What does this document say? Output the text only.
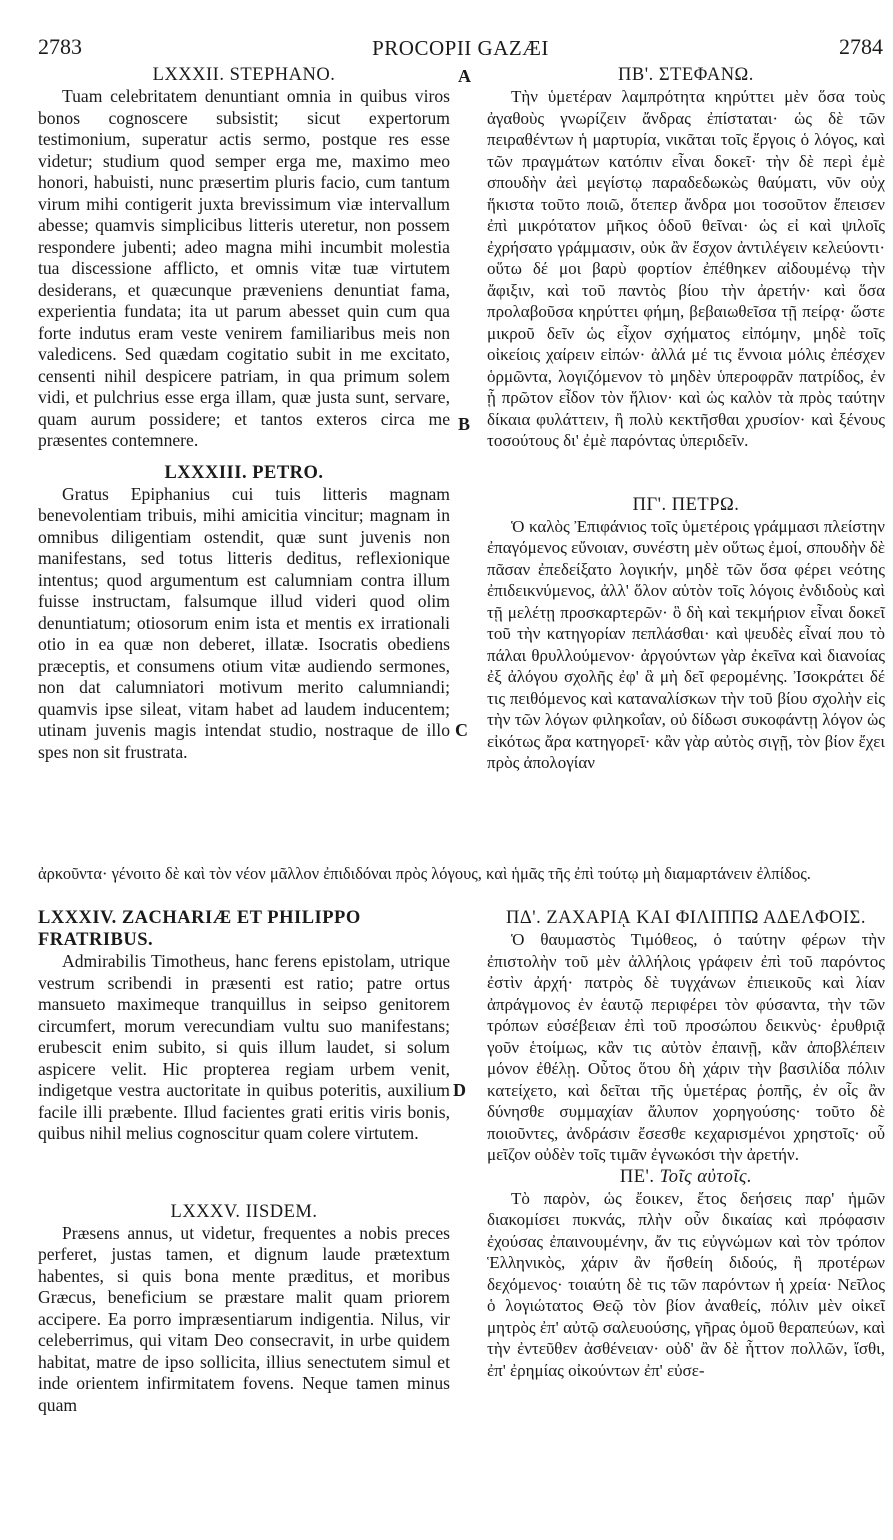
2783	PROCOPII GAZÆI	2784
A
B
C
D
LXXXII. STEPHANO.

Tuam celebritatem denuntiant omnia in quibus viros bonos cognoscere subsistit; sicut expertorum testimonium, superatur actis sermo, postque res esse videtur; studium quod semper erga me, maximo meo honori, habuisti, nunc præsertim pluris facio, cum tantum virum mihi contigerit juxta brevissimum viæ intervallum abesse; quamvis simplicibus litteris uteretur, non possem respondere jubenti; adeo magna mihi incumbit molestia tua discessione afflicto, et omnis vitæ tuæ virtutem desiderans, et quæcunque præveniens denuntiat fama, experientia fundata; ita ut parum abesset quin cum qua forte indutus eram veste venirem familiaribus meis non valedicens. Sed quædam cogitatio subit in me excitato, censenti nihil despicere patriam, in qua primum solem vidi, et pulchrius esse erga illam, quæ justa sunt, servare, quam aurum possidere; et tantos exteros circa me præsentes contemnere.

LXXXIII. PETRO.

Gratus Epiphanius cui tuis litteris magnam benevolentiam tribuis, mihi amicitia vincitur; magnam in omnibus diligentiam ostendit, quæ sunt juvenis non manifestans, sed totus litteris deditus, reflexionique intentus; quod argumentum est calumniam contra illum fuisse instructam, falsumque illud videri quod olim denuntiatum; otiosorum enim ista et mentis ex irrationali otio in ea quæ non deberet, illatæ. Isocratis obediens præceptis, et consumens otium vitæ audiendo sermones, non dat calumniatori motivum merito calumniandi; quamvis ipse sileat, vitam habet ad laudem inducentem; utinam juvenis magis intendat studio, nostraque de illo spes non sit frustrata.

ἀρκοῦντα· γένοιτο δὲ καὶ τὸν νέον μᾶλλον ἐπιδιδόναι πρὸς λόγους, καὶ ἡμᾶς τῆς ἐπὶ τούτῳ μὴ διαμαρτάνειν ἐλπίδος.
LXXXIV. ZACHARIÆ ET PHILIPPO FRATRIBUS.

Admirabilis Timotheus, hanc ferens epistolam, utrique vestrum scribendi in præsenti est ratio; patre ortus mansueto maximeque tranquillus in seipso genitorem circumfert, morum verecundiam vultu suo manifestans; erubescit enim subito, si quis illum laudet, si solum aspicere velit. Hic propterea regiam urbem venit, indigetque vestra auctoritate in quibus poteritis, auxilium facile illi præbente. Illud facientes grati eritis viris bonis, quibus nihil melius cognoscitur quam colere virtutem.

LXXXV. IISDEM.

Præsens annus, ut videtur, frequentes a nobis preces perferet, justas tamen, et dignum laude prætextum habentes, si quis bona mente præditus, et moribus Græcus, beneficium se præstare malit quam priorem accipere. Ea porro impræsentiarum indigentia. Nilus, vir celeberrimus, qui vitam Deo consecravit, in urbe quidem habitat, matre de ipso sollicita, illius senectutem simul et inde orientem infirmitatem fovens. Neque tamen minus quam

ΠΒ'. ΣΤΕΦΑΝΩ.

Τὴν ὑμετέραν λαμπρότητα κηρύττει μὲν ὅσα τοὺς ἀγαθοὺς γνωρίζειν ἄνδρας ἐπίσταται· ὡς δὲ τῶν πειραθέντων ἡ μαρτυρία, νικᾶται τοῖς ἔργοις ὁ λόγος, καὶ τῶν πραγμάτων κατόπιν εἶναι δοκεῖ· τὴν δὲ περὶ ἐμὲ σπουδὴν ἀεὶ μεγίστῳ παραδεδωκὼς θαύματι, νῦν οὐχ ἥκιστα τοῦτο ποιῶ, ὅτεπερ ἄνδρα μοι τοσοῦτον ἔπεισεν ἐπὶ μικρότατον μῆκος ὁδοῦ θεῖναι· ὡς εἰ καὶ ψιλοῖς ἐχρήσατο γράμμασιν, οὐκ ἂν ἔσχον ἀντιλέγειν κελεύοντι· οὕτω δέ μοι βαρὺ φορτίον ἐπέθηκεν αἰδουμένῳ τὴν ἄφιξιν, καὶ τοῦ παντὸς βίου τὴν ἀρετήν· καὶ ὅσα προλαβοῦσα κηρύττει φήμη, βεβαιωθεῖσα τῇ πείρᾳ· ὥστε μικροῦ δεῖν ὡς εἶχον σχήματος εἰπόμην, μηδὲ τοῖς οἰκείοις χαίρειν εἰπών· ἀλλά μέ τις ἔννοια μόλις ἐπέσχεν ὁρμῶντα, λογιζόμενον τὸ μηδὲν ὑπεροφρᾶν πατρίδος, ἐν ᾗ πρῶτον εἶδον τὸν ἥλιον· καὶ ὡς καλὸν τὰ πρὸς ταύτην δίκαια φυλάττειν, ἢ πολὺ κεκτῆσθαι χρυσίον· καὶ ξένους τοσούτους δι' ἐμὲ παρόντας ὑπεριδεῖν.

ΠΓ'. ΠΕΤΡΩ.

Ὁ καλὸς Ἐπιφάνιος τοῖς ὑμετέροις γράμμασι πλείστην ἐπαγόμενος εὔνοιαν, συνέστη μὲν οὕτως ἐμοί, σπουδὴν δὲ πᾶσαν ἐπεδείξατο λογικήν, μηδὲ τῶν ὅσα φέρει νεότης ἐπιδεικνύμενος, ἀλλ' ὅλον αὑτὸν τοῖς λόγοις ἐνδιδοὺς καὶ τῇ μελέτῃ προσκαρτερῶν· ὃ δὴ καὶ τεκμήριον εἶναι δοκεῖ τοῦ τὴν κατηγορίαν πεπλάσθαι· καὶ ψευδὲς εἶναί που τὸ πάλαι θρυλλούμενον· ἀργούντων γὰρ ἐκεῖνα καὶ διανοίας ἐξ ἀλόγου σχολῆς ἐφ' ἃ μὴ δεῖ φερομένης. Ἰσοκράτει δέ τις πειθόμενος καὶ καταναλίσκων τὴν τοῦ βίου σχολὴν εἰς τὴν τῶν λόγων φιληκοΐαν, οὐ δίδωσι συκοφάντῃ λόγον ὡς εἰκότως ἄρα κατηγορεῖ· κἂν γὰρ αὐτὸς σιγῇ, τὸν βίον ἔχει πρὸς ἀπολογίαν

ΠΔ'. ΖΑΧΑΡΙᾼ ΚΑΙ ΦΙΛΙΠΠΩ ΑΔΕΛΦΟΙΣ.

Ὁ θαυμαστὸς Τιμόθεος, ὁ ταύτην φέρων τὴν ἐπιστολὴν τοῦ μὲν ἀλλήλοις γράφειν ἐπὶ τοῦ παρόντος ἐστὶν ἀρχή· πατρὸς δὲ τυγχάνων ἐπιεικοῦς καὶ λίαν ἀπράγμονος ἐν ἑαυτῷ περιφέρει τὸν φύσαντα, τὴν τῶν τρόπων εὐσέβειαν ἐπὶ τοῦ προσώπου δεικνὺς· ἐρυθριᾷ γοῦν ἑτοίμως, κἂν τις αὐτὸν ἐπαινῇ, κἂν ἀποβλέπειν μόνον ἐθέλῃ. Οὗτος ὅτου δὴ χάριν τὴν βασιλίδα πόλιν κατείχετο, καὶ δεῖται τῆς ὑμετέρας ῥοπῆς, ἐν οἷς ἂν δύνησθε συμμαχίαν ἄλυπον χορηγούσης· τοῦτο δὲ ποιοῦντες, ἀνδράσιν ἔσεσθε κεχαρισμένοι χρηστοῖς· οὗ μεῖζον οὐδὲν τοῖς τιμᾶν ἐγνωκόσι τὴν ἀρετήν.

ΠΕ'. Τοῖς αὐτοῖς.

Τὸ παρὸν, ὡς ἔοικεν, ἔτος δεήσεις παρ' ἡμῶν διακομίσει πυκνάς, πλὴν οὖν δικαίας καὶ πρόφασιν ἐχούσας ἐπαινουμένην, ἄν τις εὐγνώμων καὶ τὸν τρόπον Ἑλληνικὸς, χάριν ἂν ἥσθείη διδούς, ἢ προτέρων δεχόμενος· τοιαύτη δὲ τις τῶν παρόντων ἡ χρεία· Νεῖλος ὁ λογιώτατος Θεῷ τὸν βίον ἀναθείς, πόλιν μὲν οἰκεῖ μητρὸς ἐπ' αὐτῷ σαλευούσης, γῆρας ὁμοῦ θεραπεύων, καὶ τὴν ἐντεῦθεν ἀσθένειαν· οὐδ' ἂν δὲ ἧττον πολλῶν, ἴσθι, ἐπ' ἐρημίας οἰκούντων ἐπ' εὐσε-
